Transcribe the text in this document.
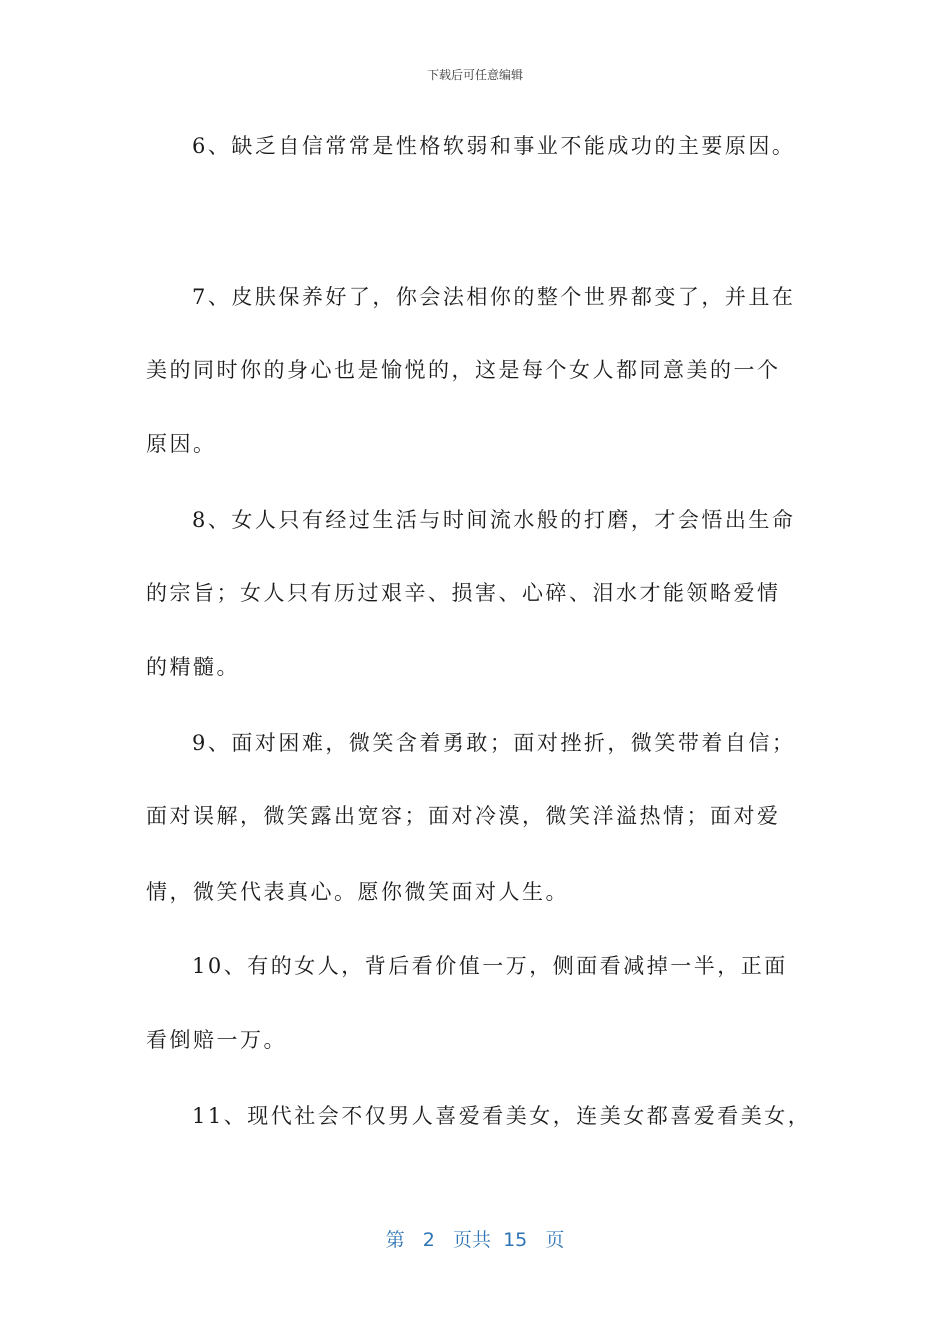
下载后可任意编辑
6、缺乏自信常常是性格软弱和事业不能成功的主要原因。
7、皮肤保养好了，你会法相你的整个世界都变了，并且在
美的同时你的身心也是愉悦的，这是每个女人都同意美的一个
原因。
8、女人只有经过生活与时间流水般的打磨，才会悟出生命
的宗旨；女人只有历过艰辛、损害、心碎、泪水才能领略爱情
的精髓。
9、面对困难，微笑含着勇敢；面对挫折，微笑带着自信；
面对误解，微笑露出宽容；面对冷漠，微笑洋溢热情；面对爱
情，微笑代表真心。愿你微笑面对人生。
10、有的女人，背后看价值一万，侧面看减掉一半，正面
看倒赔一万。
11、现代社会不仅男人喜爱看美女，连美女都喜爱看美女，
第 2 页共 15 页
